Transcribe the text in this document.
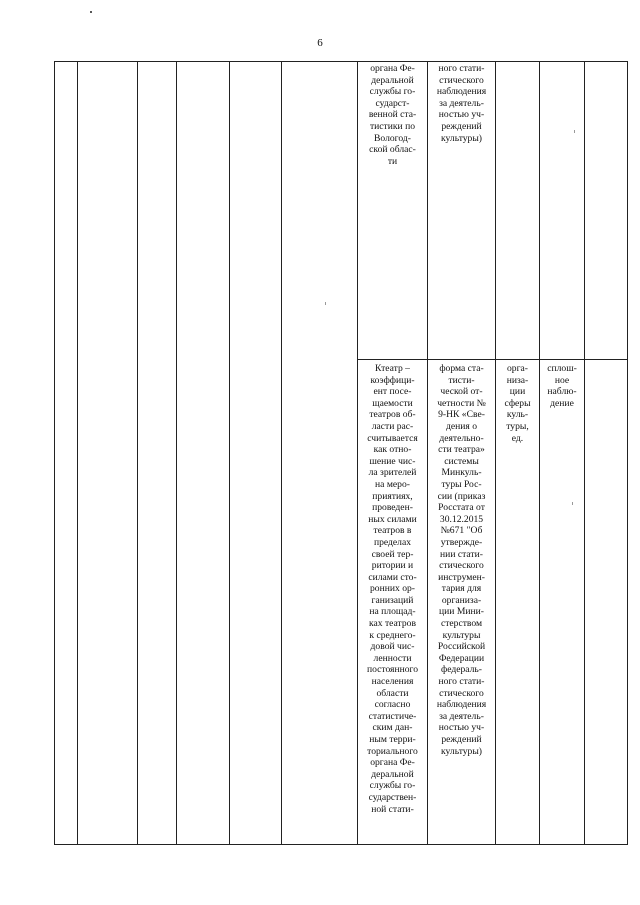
6
органа Фе-
деральной
службы го-
сударст-
венной ста-
тистики по
Вологод-
ской облас-
ти
ного стати-
стического
наблюдения
за деятель-
ностью уч-
реждений
культуры)
Ктеатр –
коэффици-
ент посе-
щаемости
театров об-
ласти рас-
считывается
как отно-
шение чис-
ла зрителей
на меро-
приятиях,
проведен-
ных силами
театров в
пределах
своей тер-
ритории и
силами сто-
ронних ор-
ганизаций
на площад-
ках театров
к среднего-
довой чис-
ленности
постоянного
населения
области
согласно
статистиче-
ским дан-
ным терри-
ториального
органа Фе-
деральной
службы го-
сударствен-
ной стати-
форма ста-
тисти-
ческой от-
четности №
9-НК «Све-
дения о
деятельно-
сти театра»
системы
Минкуль-
туры Рос-
сии (приказ
Росстата от
30.12.2015
№671 "Об
утвержде-
нии стати-
стического
инструмен-
тария для
организа-
ции Мини-
стерством
культуры
Российской
Федерации
федераль-
ного стати-
стического
наблюдения
за деятель-
ностью уч-
реждений
культуры)
орга-
низа-
ции
сферы
куль-
туры,
ед.
сплош-
ное
наблю-
дение
